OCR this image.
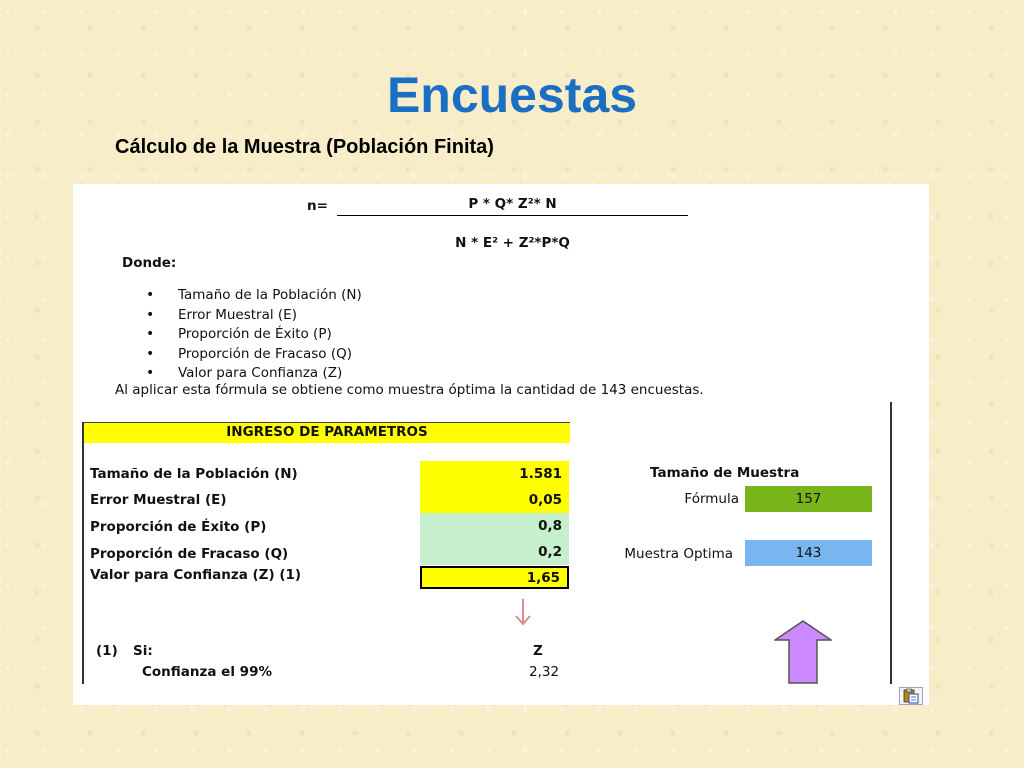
Encuestas

Cálculo de la Muestra (Población Finita)

n=	P * Q* Z²* N
N * E² + Z²*P*Q
Donde:
• Tamaño de la Población (N)
• Error Muestral (E)
• Proporción de Éxito (P)
• Proporción de Fracaso (Q)
• Valor para Confianza (Z)
Al aplicar esta fórmula se obtiene como muestra óptima la cantidad de 143 encuestas.
INGRESO DE PARAMETROS
Tamaño de la Población (N)	1.581
Error Muestral (E)	0,05
Proporción de Éxito (P)	0,8
Proporción de Fracaso (Q)	0,2
Valor para Confianza (Z) (1)	1,65
Tamaño de Muestra
Fórmula	157
Muestra Optima	143
(1) Si:	Z
Confianza el 99%	2,32
